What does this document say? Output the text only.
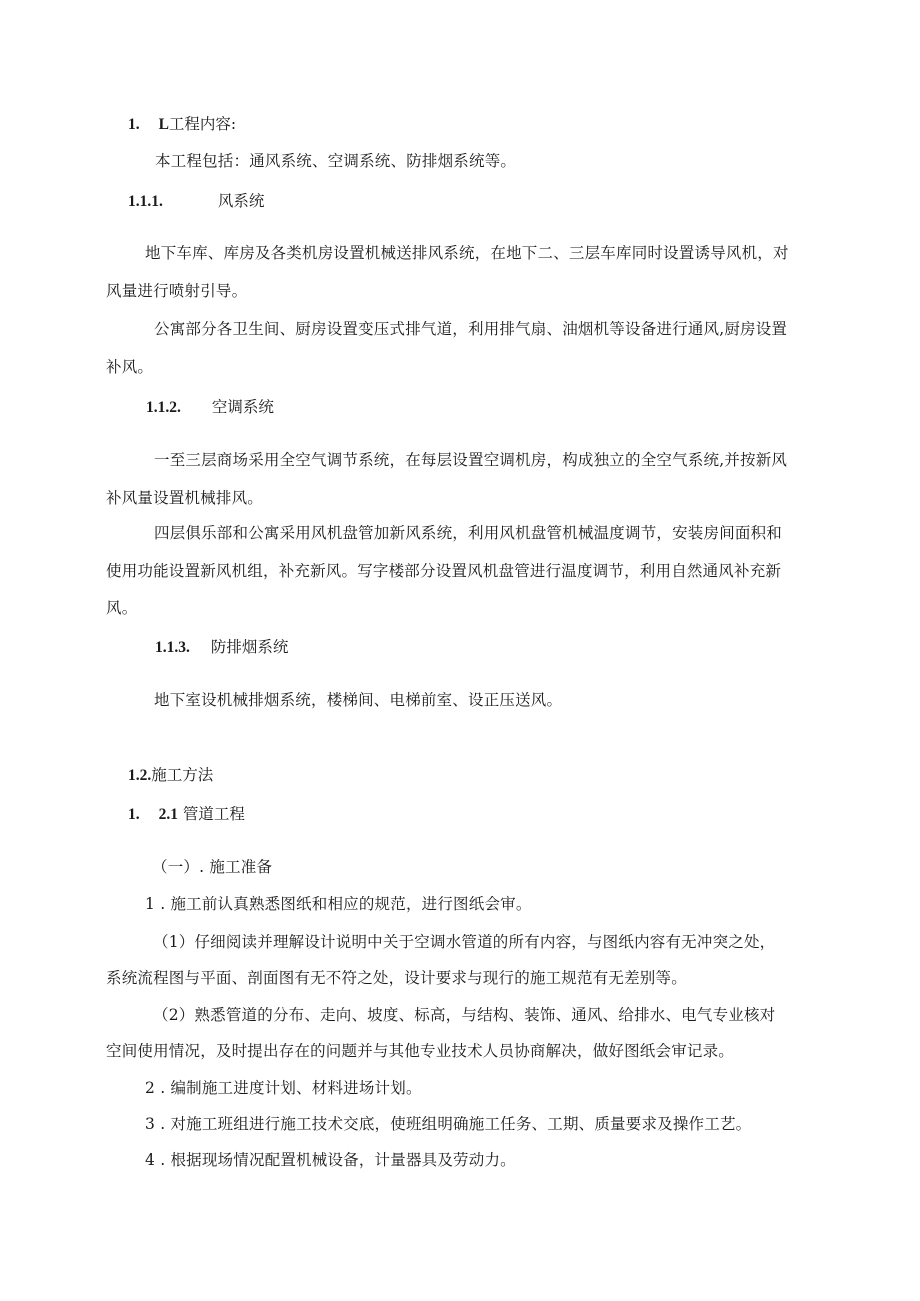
1. L工程内容:
本工程包括：通风系统、空调系统、防排烟系统等。
1.1.1.	风系统
地下车库、库房及各类机房设置机械送排风系统，在地下二、三层车库同时设置诱导风机，对
风量进行喷射引导。
公寓部分各卫生间、厨房设置变压式排气道，利用排气扇、油烟机等设备进行通风,厨房设置
补风。
1.1.2. 空调系统
一至三层商场采用全空气调节系统，在每层设置空调机房，构成独立的全空气系统,并按新风
补风量设置机械排风。
四层俱乐部和公寓采用风机盘管加新风系统，利用风机盘管机械温度调节，安装房间面积和
使用功能设置新风机组，补充新风。写字楼部分设置风机盘管进行温度调节，利用自然通风补充新
风。
1.1.3. 防排烟系统
地下室设机械排烟系统，楼梯间、电梯前室、设正压送风。
1.2.施工方法
1. 2.1 管道工程
（一）. 施工准备
1 . 施工前认真熟悉图纸和相应的规范，进行图纸会审。
（1）仔细阅读并理解设计说明中关于空调水管道的所有内容，与图纸内容有无冲突之处，
系统流程图与平面、剖面图有无不符之处，设计要求与现行的施工规范有无差别等。
（2）熟悉管道的分布、走向、坡度、标高，与结构、装饰、通风、给排水、电气专业核对
空间使用情况，及时提出存在的问题并与其他专业技术人员协商解决，做好图纸会审记录。
2 . 编制施工进度计划、材料进场计划。
3 . 对施工班组进行施工技术交底，使班组明确施工任务、工期、质量要求及操作工艺。
4 . 根据现场情况配置机械设备，计量器具及劳动力。
